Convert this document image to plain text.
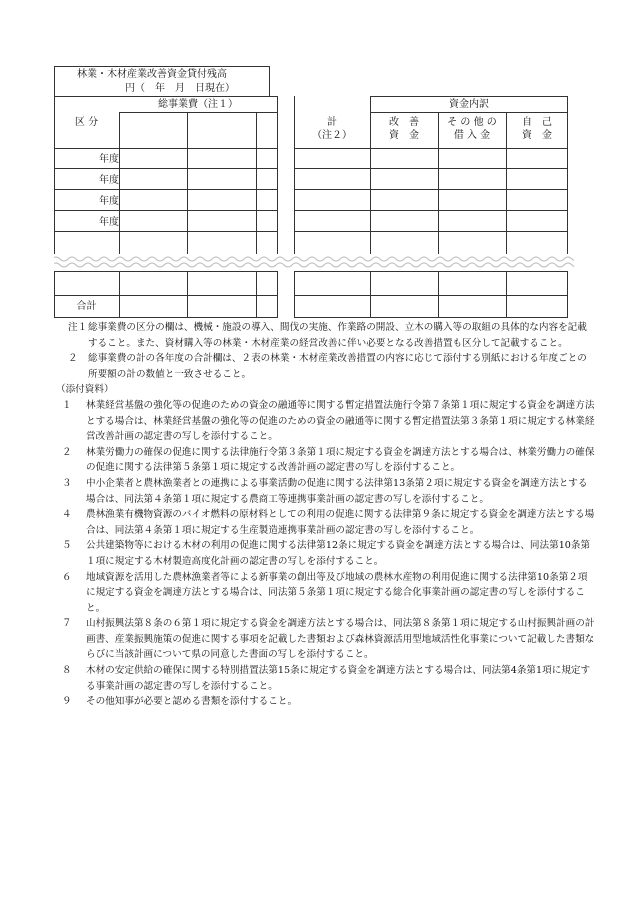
林業・木材産業改善資金貸付残高
円（　年　月　日現在）
区 分
総事業費（注１）	資金内訳
計
（注２）
改　善
資　金
そ の 他 の
借 入 金
自　己
資　金
年度
年度
年度
年度
合計

注１総事業費の区分の欄は、機械・施設の導入、間伐の実施、作業路の開設、立木の購入等の取組の具体的な内容を記載すること。また、資材購入等の林業・木材産業の経営改善に伴い必要となる改善措置も区分して記載すること。

２ 総事業費の計の各年度の合計欄は、２表の林業・木材産業改善措置の内容に応じて添付する別紙における年度ごとの所要額の計の数値と一致させること。

（添付資料）

１ 林業経営基盤の強化等の促進のための資金の融通等に関する暫定措置法施行令第７条第１項に規定する資金を調達方法とする場合は、林業経営基盤の強化等の促進のための資金の融通等に関する暫定措置法第３条第１項に規定する林業経営改善計画の認定書の写しを添付すること。

２ 林業労働力の確保の促進に関する法律施行令第３条第１項に規定する資金を調達方法とする場合は、林業労働力の確保の促進に関する法律第５条第１項に規定する改善計画の認定書の写しを添付すること。

３ 中小企業者と農林漁業者との連携による事業活動の促進に関する法律第13条第２項に規定する資金を調達方法とする場合は、同法第４条第１項に規定する農商工等連携事業計画の認定書の写しを添付すること。

４ 農林漁業有機物資源のバイオ燃料の原材料としての利用の促進に関する法律第９条に規定する資金を調達方法とする場合は、同法第４条第１項に規定する生産製造連携事業計画の認定書の写しを添付すること。

５ 公共建築物等における木材の利用の促進に関する法律第12条に規定する資金を調達方法とする場合は、同法第10条第１項に規定する木材製造高度化計画の認定書の写しを添付すること。

６ 地域資源を活用した農林漁業者等による新事業の創出等及び地域の農林水産物の利用促進に関する法律第10条第２項に規定する資金を調達方法とする場合は、同法第５条第１項に規定する総合化事業計画の認定書の写しを添付すること。

７ 山村振興法第８条の６第１項に規定する資金を調達方法とする場合は、同法第８条第１項に規定する山村振興計画の計画書、産業振興施策の促進に関する事項を記載した書類および森林資源活用型地域活性化事業について記載した書類ならびに当該計画について県の同意した書面の写しを添付すること。

８ 木材の安定供給の確保に関する特別措置法第15条に規定する資金を調達方法とする場合は、同法第4条第1項に規定する事業計画の認定書の写しを添付すること。

９ その他知事が必要と認める書類を添付すること。
